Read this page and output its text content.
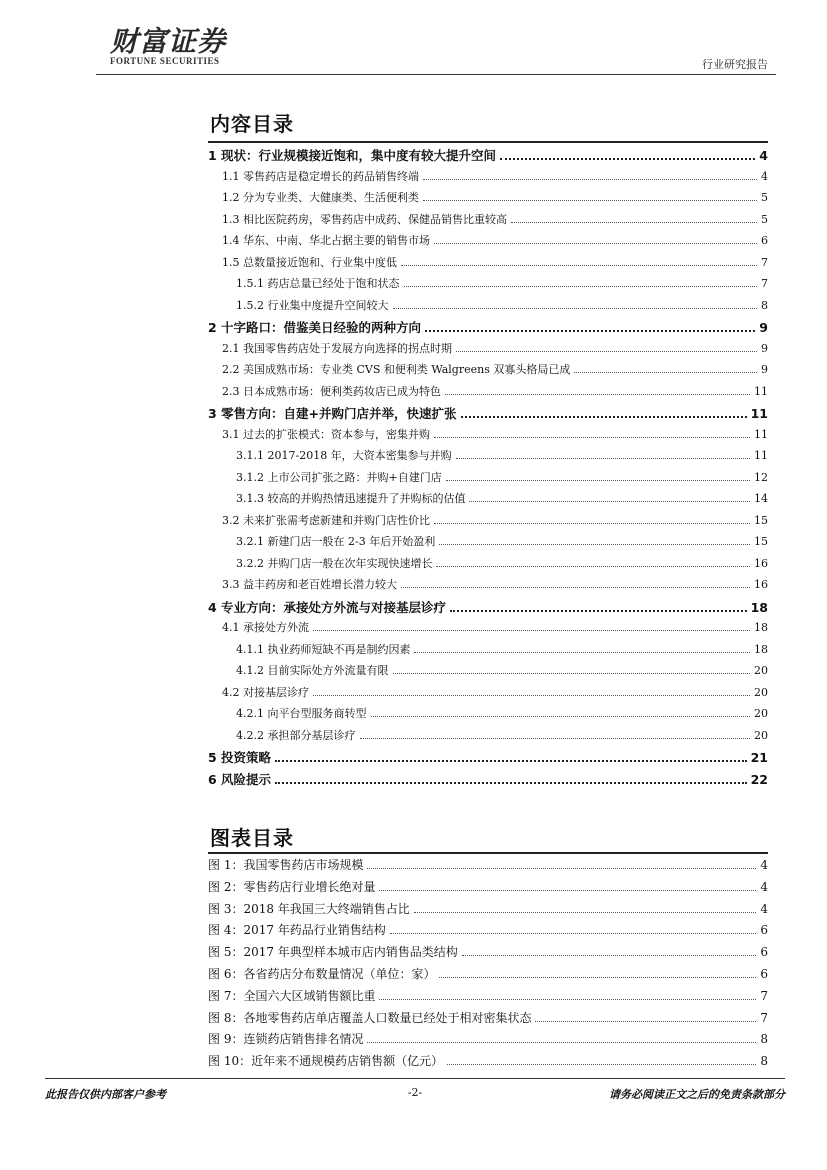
财富证券
FORTUNE SECURITIES	行业研究报告
内容目录
1 现状：行业规模接近饱和，集中度有较大提升空间	4
1.1 零售药店是稳定增长的药品销售终端	4
1.2 分为专业类、大健康类、生活便利类	5
1.3 相比医院药房，零售药店中成药、保健品销售比重较高	5
1.4 华东、中南、华北占据主要的销售市场	6
1.5 总数量接近饱和、行业集中度低	7
1.5.1 药店总量已经处于饱和状态	7
1.5.2 行业集中度提升空间较大	8
2 十字路口：借鉴美日经验的两种方向	9
2.1 我国零售药店处于发展方向选择的拐点时期	9
2.2 美国成熟市场：专业类 CVS 和便利类 Walgreens 双寡头格局已成	9
2.3 日本成熟市场：便利类药妆店已成为特色	11
3 零售方向：自建+并购门店并举，快速扩张	11
3.1 过去的扩张模式：资本参与，密集并购	11
3.1.1 2017-2018 年，大资本密集参与并购	11
3.1.2 上市公司扩张之路：并购+自建门店	12
3.1.3 较高的并购热情迅速提升了并购标的估值	14
3.2 未来扩张需考虑新建和并购门店性价比	15
3.2.1 新建门店一般在 2-3 年后开始盈利	15
3.2.2 并购门店一般在次年实现快速增长	16
3.3 益丰药房和老百姓增长潜力较大	16
4 专业方向：承接处方外流与对接基层诊疗	18
4.1 承接处方外流	18
4.1.1 执业药师短缺不再是制约因素	18
4.1.2 目前实际处方外流量有限	20
4.2 对接基层诊疗	20
4.2.1 向平台型服务商转型	20
4.2.2 承担部分基层诊疗	20
5 投资策略	21
6 风险提示	22
图表目录
图 1：我国零售药店市场规模	4
图 2：零售药店行业增长绝对量	4
图 3：2018 年我国三大终端销售占比	4
图 4：2017 年药品行业销售结构	6
图 5：2017 年典型样本城市店内销售品类结构	6
图 6：各省药店分布数量情况（单位：家）	6
图 7：全国六大区域销售额比重	7
图 8：各地零售药店单店覆盖人口数量已经处于相对密集状态	7
图 9：连锁药店销售排名情况	8
图 10：近年来不通规模药店销售额（亿元）	8
此报告仅供内部客户参考	-2-	请务必阅读正文之后的免责条款部分
